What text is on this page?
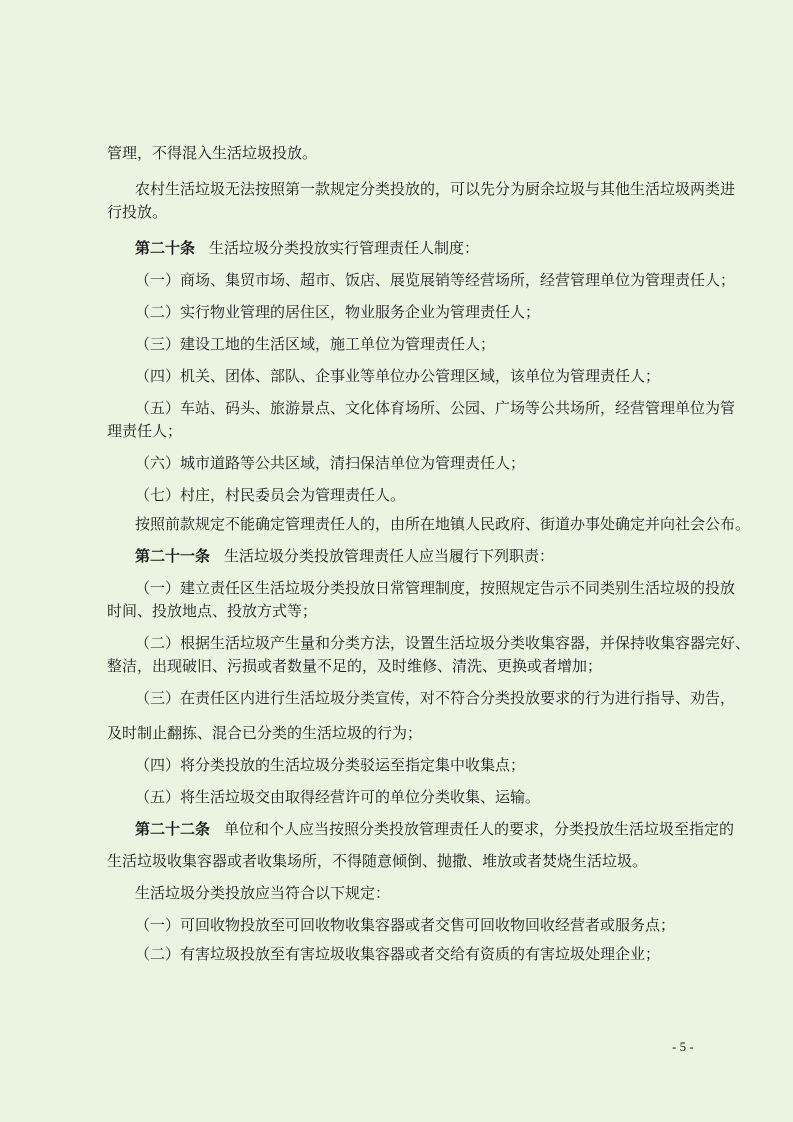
管理，不得混入生活垃圾投放。
农村生活垃圾无法按照第一款规定分类投放的，可以先分为厨余垃圾与其他生活垃圾两类进
行投放。
第二十条 生活垃圾分类投放实行管理责任人制度：
（一）商场、集贸市场、超市、饭店、展览展销等经营场所，经营管理单位为管理责任人；
（二）实行物业管理的居住区，物业服务企业为管理责任人；
（三）建设工地的生活区域，施工单位为管理责任人；
（四）机关、团体、部队、企事业等单位办公管理区域，该单位为管理责任人；
（五）车站、码头、旅游景点、文化体育场所、公园、广场等公共场所，经营管理单位为管
理责任人；
（六）城市道路等公共区域，清扫保洁单位为管理责任人；
（七）村庄，村民委员会为管理责任人。
按照前款规定不能确定管理责任人的，由所在地镇人民政府、街道办事处确定并向社会公布。
第二十一条 生活垃圾分类投放管理责任人应当履行下列职责：
（一）建立责任区生活垃圾分类投放日常管理制度，按照规定告示不同类别生活垃圾的投放
时间、投放地点、投放方式等；
（二）根据生活垃圾产生量和分类方法，设置生活垃圾分类收集容器，并保持收集容器完好、
整洁，出现破旧、污损或者数量不足的，及时维修、清洗、更换或者增加；
（三）在责任区内进行生活垃圾分类宣传，对不符合分类投放要求的行为进行指导、劝告，
及时制止翻拣、混合已分类的生活垃圾的行为；
（四）将分类投放的生活垃圾分类驳运至指定集中收集点；
（五）将生活垃圾交由取得经营许可的单位分类收集、运输。
第二十二条 单位和个人应当按照分类投放管理责任人的要求，分类投放生活垃圾至指定的
生活垃圾收集容器或者收集场所，不得随意倾倒、抛撒、堆放或者焚烧生活垃圾。
生活垃圾分类投放应当符合以下规定：
（一）可回收物投放至可回收物收集容器或者交售可回收物回收经营者或服务点；
（二）有害垃圾投放至有害垃圾收集容器或者交给有资质的有害垃圾处理企业；
- 5 -
